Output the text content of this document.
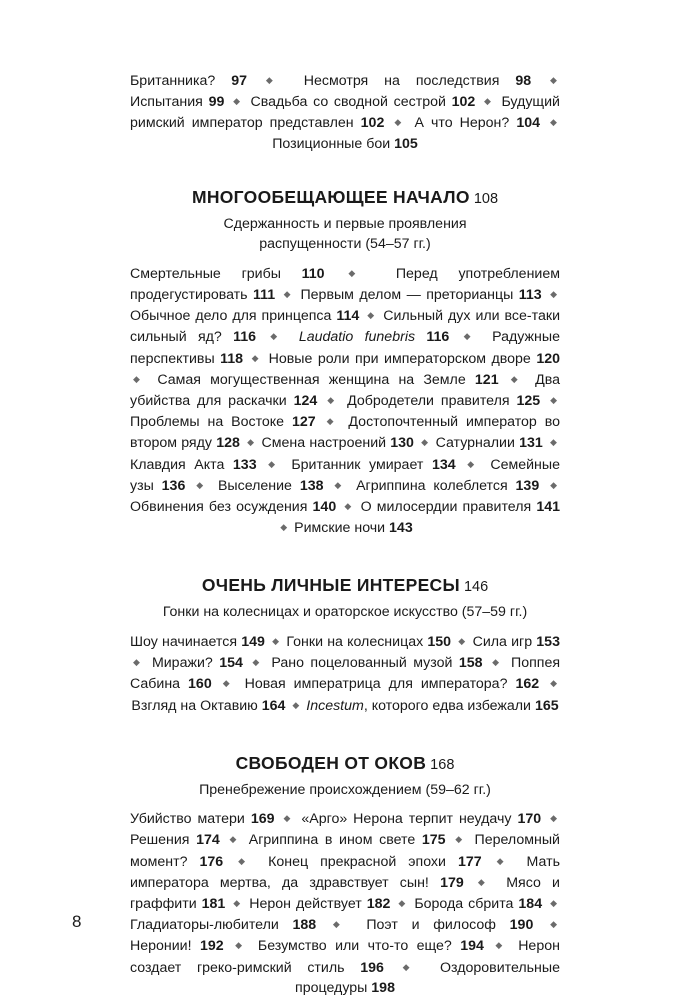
Британника? 97 ◆ Несмотря на последствия 98 ◆ Испытания 99 ◆ Свадьба со сводной сестрой 102 ◆ Будущий римский император представлен 102 ◆ А что Нерон? 104 ◆ Позиционные бои 105

МНОГООБЕЩАЮЩЕЕ НАЧАЛО 108
Сдержанность и первые проявления
распущенности (54–57 гг.)

Смертельные грибы 110	◆ Перед употреблением продегустировать 111 ◆ Первым делом — преторианцы 113 ◆ Обычное дело для принцепса 114 ◆ Сильный дух или все-таки сильный яд? 116 ◆ Laudatio funebris 116 ◆ Радужные перспективы 118 ◆ Новые роли при императорском дворе 120 ◆ Самая могущественная женщина на Земле 121 ◆ Два убийства для раскачки 124 ◆ Добродетели правителя 125 ◆ Проблемы на Востоке 127 ◆ Достопочтенный император во втором ряду 128 ◆ Смена настроений 130 ◆ Сатурналии 131 ◆ Клавдия Акта 133 ◆ Британник умирает 134 ◆ Семейные узы 136 ◆ Выселение 138 ◆ Агриппина колеблется 139 ◆ Обвинения без осуждения 140 ◆ О милосердии правителя 141 ◆ Римские ночи 143

ОЧЕНЬ ЛИЧНЫЕ ИНТЕРЕСЫ 146
Гонки на колесницах и ораторское искусство (57–59 гг.)

Шоу начинается 149 ◆ Гонки на колесницах 150 ◆ Сила игр 153 ◆ Миражи? 154 ◆ Рано поцелованный музой 158 ◆ Поппея Сабина 160 ◆ Новая императрица для императора? 162 ◆ Взгляд на Октавию 164 ◆ Incestum, которого едва избежали 165

СВОБОДЕН ОТ ОКОВ 168
Пренебрежение происхождением (59–62 гг.)

Убийство матери 169 ◆ «Арго» Нерона терпит неудачу 170 ◆ Решения 174 ◆ Агриппина в ином свете 175 ◆ Переломный момент? 176 ◆ Конец прекрасной эпохи 177 ◆ Мать императора мертва, да здравствует сын! 179 ◆ Мясо и граффити 181 ◆ Нерон действует 182 ◆ Борода сбрита 184 ◆ Гладиаторы-любители 188 ◆ Поэт и философ 190 ◆ Неронии! 192 ◆ Безумство или что-то еще? 194 ◆ Нерон создает греко-римский стиль 196 ◆ Оздоровительные процедуры 198

8
